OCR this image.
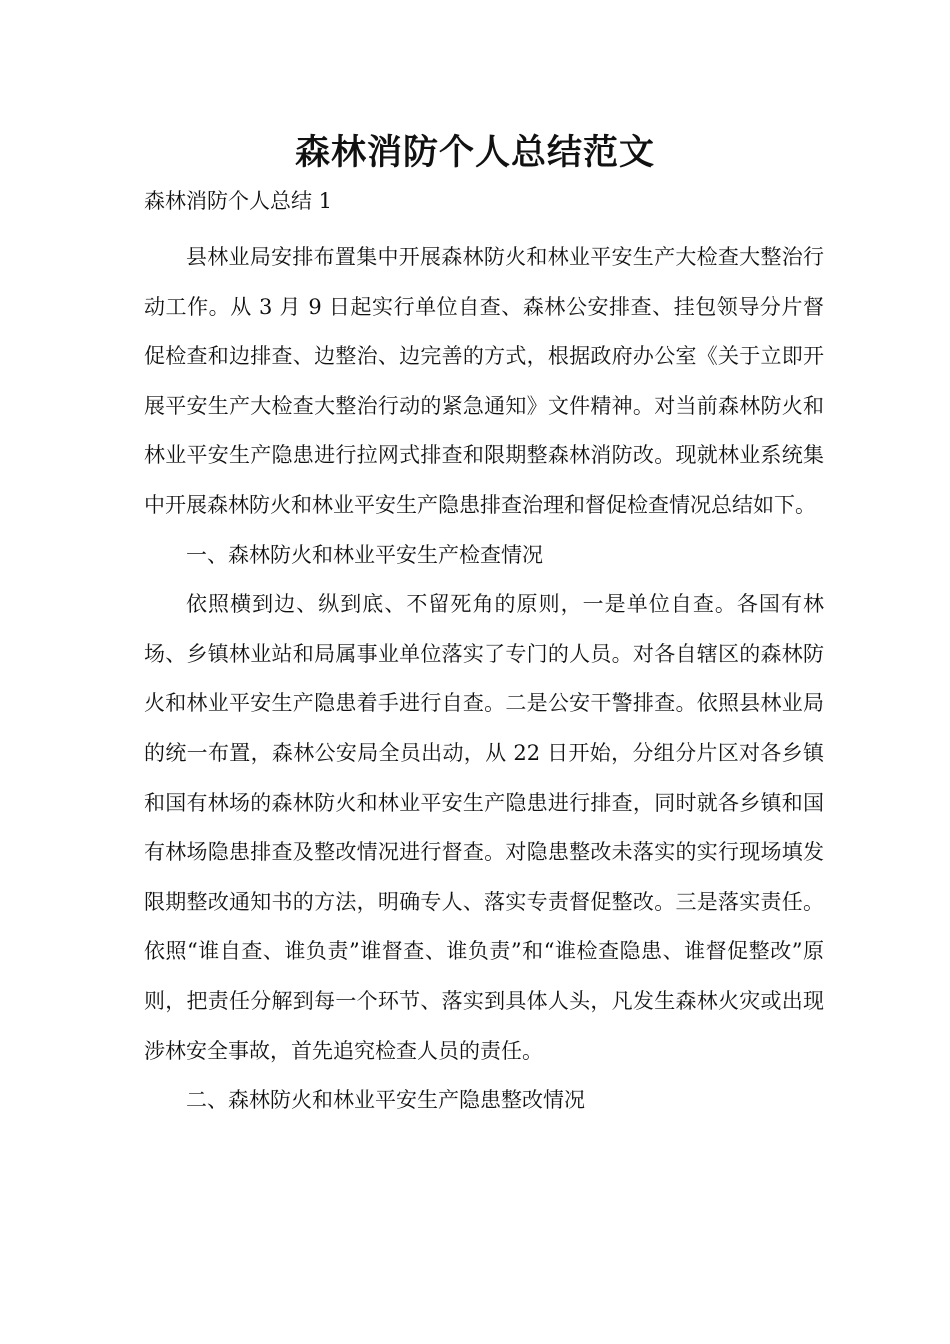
森林消防个人总结范文
森林消防个人总结 1

县林业局安排布置集中开展森林防火和林业平安生产大检查大整治行动工作。从 3 月 9 日起实行单位自查、森林公安排查、挂包领导分片督促检查和边排查、边整治、边完善的方式，根据政府办公室《关于立即开展平安生产大检查大整治行动的紧急通知》文件精神。对当前森林防火和林业平安生产隐患进行拉网式排查和限期整森林消防改。现就林业系统集中开展森林防火和林业平安生产隐患排查治理和督促检查情况总结如下。

一、森林防火和林业平安生产检查情况

依照横到边、纵到底、不留死角的原则，一是单位自查。各国有林场、乡镇林业站和局属事业单位落实了专门的人员。对各自辖区的森林防火和林业平安生产隐患着手进行自查。二是公安干警排查。依照县林业局的统一布置，森林公安局全员出动，从 22 日开始，分组分片区对各乡镇和国有林场的森林防火和林业平安生产隐患进行排查，同时就各乡镇和国有林场隐患排查及整改情况进行督查。对隐患整改未落实的实行现场填发限期整改通知书的方法，明确专人、落实专责督促整改。三是落实责任。依照“谁自查、谁负责”谁督查、谁负责”和“谁检查隐患、谁督促整改”原则，把责任分解到每一个环节、落实到具体人头，凡发生森林火灾或出现涉林安全事故，首先追究检查人员的责任。

二、森林防火和林业平安生产隐患整改情况
